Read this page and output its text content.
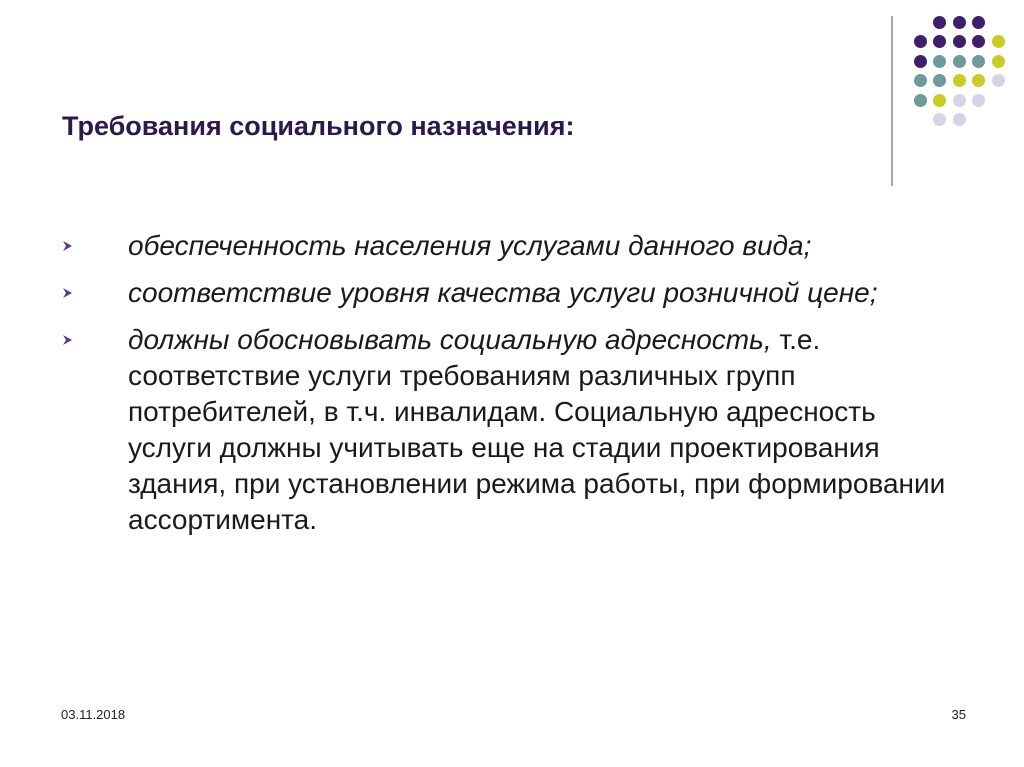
Требования социального назначения:
обеспеченность населения услугами данного вида;
соответствие уровня качества услуги розничной цене;
должны обосновывать социальную адресность, т.е. соответствие услуги требованиям различных групп потребителей, в т.ч. инвалидам. Социальную адресность услуги должны учитывать еще на стадии проектирования здания, при установлении режима работы, при формировании ассортимента.
03.11.2018	35
